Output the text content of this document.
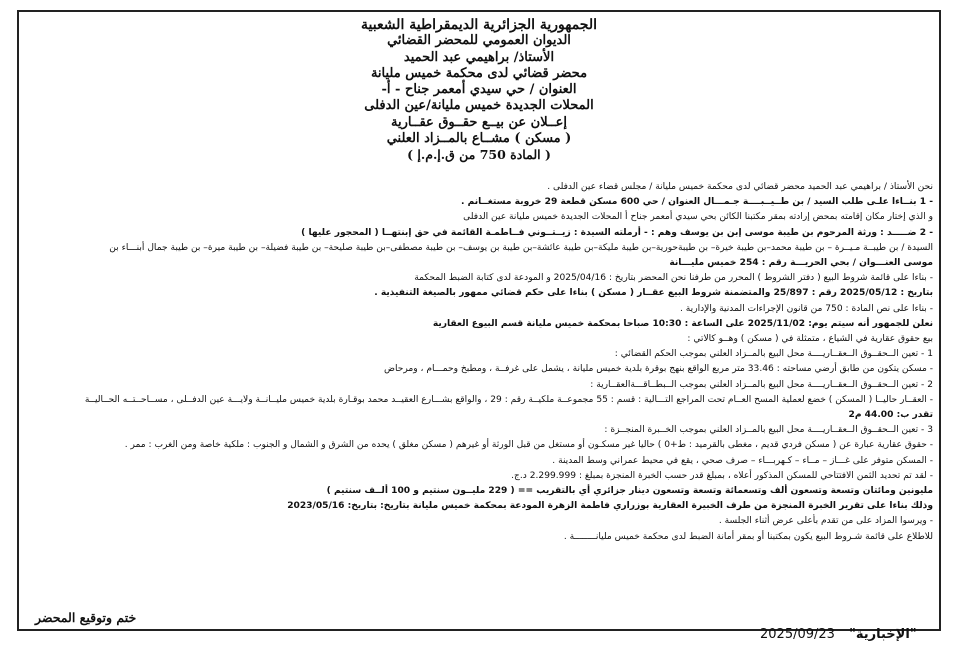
الجمهورية الجزائرية الديمقراطية الشعبية
الديوان العمومي للمحضر القضائي
الأستاذ/ براهيمي عبد الحميد
محضر قضائي لدى محكمة خميس مليانة
العنوان / حي سيدي أمعمر جناح - أ-
المحلات الجديدة خميس مليانة/عين الدفلى
إعــلان عن بيــع حقــوق عقــارية
( مسكن ) مشــاع بالمــزاد العلني
( المادة 750 من ق.إ.م.إ )
نحن الأستاذ / براهيمي عبد الحميد محضر قضائي لدى محكمة خميس مليانة / مجلس قضاء عين الدفلى .
- 1 بنــاءا علـى طلب السيد / بن طــيــبــــة جـمـــال العنوان / حي 600 مسكن قطعة 29 خروبة مستغــانم .
و الذي إختار مكان إقامته بمحض إرادته بمقر مكتبنا الكائن بحي سيدي أمعمر جناح أ المحلات الجديدة خميس مليانة عين الدفلى
- 2 ضـــــد : ورثة المرحوم بن طيبة موسى إبن بن يوسف وهم : - أرملته السيدة : زيــتــوني فــاطمـة القائمة في حق إبنتهــا ( المحجور عليها )
السيدة / بن طيبــة مـيــرة – بن طيبة محمد–بن طيبة خيرة– بن طيبةحورية–بن طيبة مليكة–بن طيبة عائشة–بن طيبة بن يوسف– بن طيبة مصطفى–بن طيبة صليحة– بن طيبة فضيلة– بن طيبة ميرة– بن طيبة جمال أبنـــاء بن
موسى العنـــوان / بحي الحريـــة رقم : 254 خميس مليـــانة
- بناءا على قائمة شروط البيع ( دفتر الشروط ) المحرر من طرفنا نحن المحضر بتاريخ : 2025/04/16 و المودعة لدى كتابة الضبط المحكمة
بتاريخ : 2025/05/12 رقم : 25/897 والمتضمنة شروط البيع عقــار ( مسكن ) بناءا على حكم قضائي ممهور بالصيغة التنفيذية .
- بناءا على نص المادة : 750 من قانون الإجراءات المدنية والإدارية .
نعلن للجمهور أنه سيتم يوم: 2025/11/02 على الساعة : 10:30 صباحا بمحكمة خميس مليانة قسم البيوع العقارية
بيع حقوق عقارية في الشياع ، متمثلة في ( مسكن ) وهــو كالاتي :
1 - تعين الــحقــوق الــعقــاريــــة محل البيع بالمــزاد العلني بموجب الحكم القضائي :
- مسكن يتكون من طابق أرضي مساحته : 33.46 متر مربع الواقع بنهج بوقرة بلدية خميس مليانة ، يشمل على غرفــة ، ومطبخ وحمـــام ، ومرحاض
2 - تعين الــحقــوق الــعقــاريــــة محل البيع بالمــزاد العلني بموجب الــبطــاقـــةالعقــارية :
- العقــار حاليــا ( المسكن ) خضع لعملية المسح العــام تحت المراجع التـــالية : قسم : 55 مجموعــة ملكيــة رقم : 29 ، والواقع بشـــارع العقيــد محمد بوقـارة بلدية خميس مليــانــة ولايـــة عين الدفــلى ، مســاحــتــه الحــاليــة
تقدر ب: 44.00 م2
3 - تعين الــحقــوق الــعقــاريــــة محل البيع بالمــزاد العلني بموجب الخــبرة المنجــزة :
- حقوق عقارية عبارة عن ( مسكن فردي قديم ، مغطى بالقرميد : ط+0 ) حاليا غير مسكـون أو مستغل من قبل الورثة أو غيرهم ( مسكن مغلق ) يحده من الشرق و الشمال و الجنوب : ملكية خاصة ومن الغرب : ممر .
- المسكن متوفر على غـــاز – مــاء – كـهربـــاء – صرف صحي ، يقع في محيط عمراني وسط المدينة .
- لقد تم تحديد الثمن الافتتاحي للمسكن المذكور أعلاه ، بمبلغ قدر حسب الخبرة المنجزة بمبلغ : 2.299.999 د.ج.
مليونين ومائتان وتسعة وتسعون ألف وتسعمائة وتسعة وتسعون دينار جزائري أي بالتقريب == ( 229 مليــون سنتيم و 100 ألــف سنتيم )
وذلك بناءا على تقرير الخبرة المنجزة من طرف الخبيرة العقارية بوزراري فاطمة الزهرة المودعة بمحكمة خميس مليانة بتاريخ: بتاريخ: 2023/05/16
- ويرسوا المزاد على من تقدم بأعلى عرض أثناء الجلسة .
للاطلاع على قائمة شـروط البيع يكون بمكتبنا أو بمقر أمانة الضبط لدى محكمة خميس مليانــــــــة .
ختم وتوقيع المحضر
2025/09/23 "الإخبارية"
